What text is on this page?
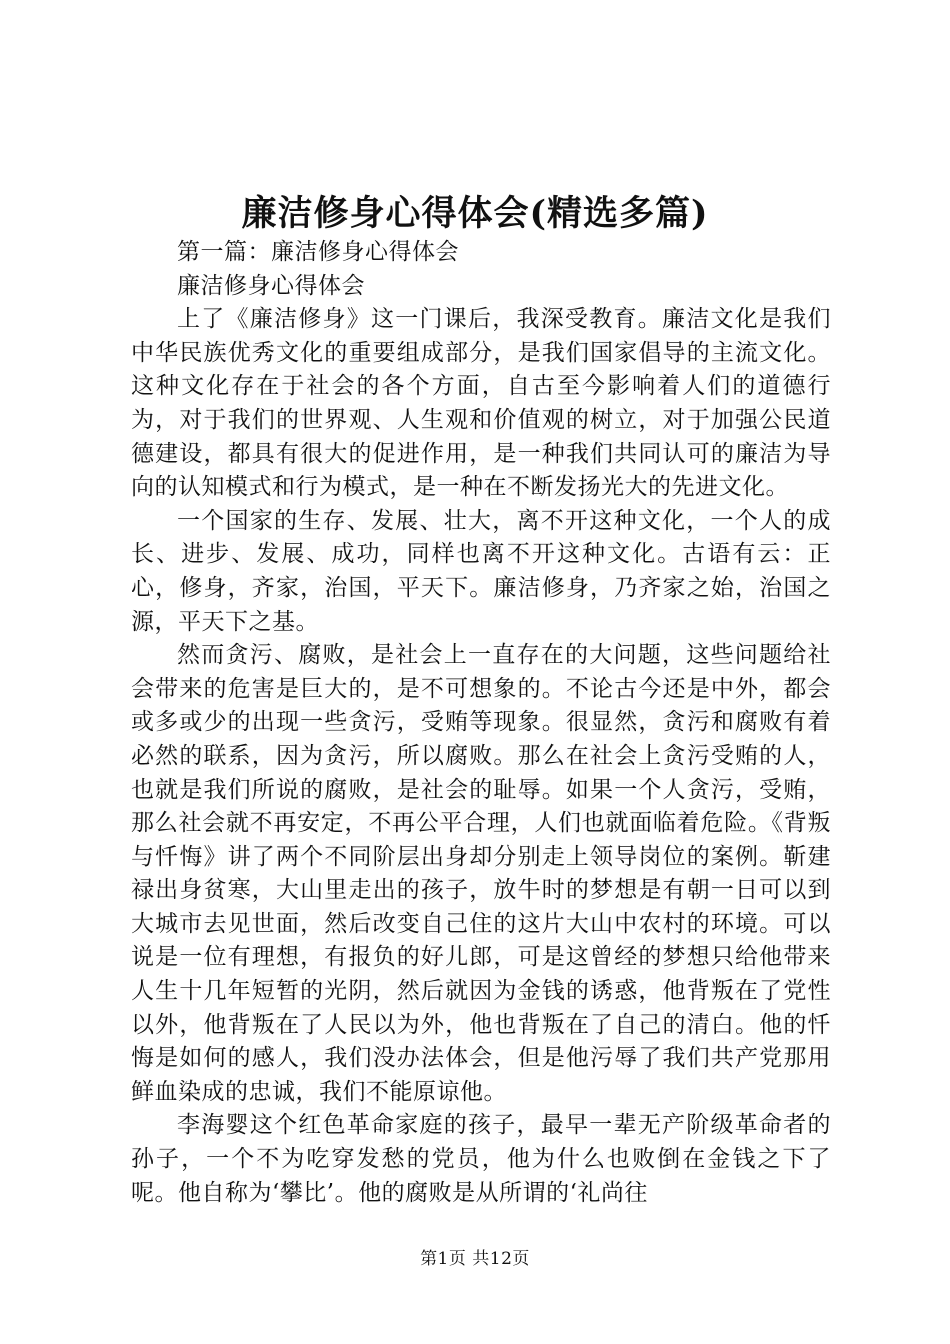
廉洁修身心得体会(精选多篇)

第一篇：廉洁修身心得体会

廉洁修身心得体会

上了《廉洁修身》这一门课后，我深受教育。廉洁文化是我们中华民族优秀文化的重要组成部分，是我们国家倡导的主流文化。这种文化存在于社会的各个方面，自古至今影响着人们的道德行为，对于我们的世界观、人生观和价值观的树立，对于加强公民道德建设，都具有很大的促进作用，是一种我们共同认可的廉洁为导向的认知模式和行为模式，是一种在不断发扬光大的先进文化。

一个国家的生存、发展、壮大，离不开这种文化，一个人的成长、进步、发展、成功，同样也离不开这种文化。古语有云：正心，修身，齐家，治国，平天下。廉洁修身，乃齐家之始，治国之源，平天下之基。

然而贪污、腐败，是社会上一直存在的大问题，这些问题给社会带来的危害是巨大的，是不可想象的。不论古今还是中外，都会或多或少的出现一些贪污，受贿等现象。很显然，贪污和腐败有着必然的联系，因为贪污，所以腐败。那么在社会上贪污受贿的人，也就是我们所说的腐败，是社会的耻辱。如果一个人贪污，受贿，那么社会就不再安定，不再公平合理，人们也就面临着危险。《背叛与忏悔》讲了两个不同阶层出身却分别走上领导岗位的案例。靳建禄出身贫寒，大山里走出的孩子，放牛时的梦想是有朝一日可以到大城市去见世面，然后改变自己住的这片大山中农村的环境。可以说是一位有理想，有报负的好儿郎，可是这曾经的梦想只给他带来人生十几年短暂的光阴，然后就因为金钱的诱惑，他背叛在了党性以外，他背叛在了人民以为外，他也背叛在了自己的清白。他的忏悔是如何的感人，我们没办法体会，但是他污辱了我们共产党那用鲜血染成的忠诚，我们不能原谅他。

李海婴这个红色革命家庭的孩子，最早一辈无产阶级革命者的孙子，一个不为吃穿发愁的党员，他为什么也败倒在金钱之下了呢。他自称为‘攀比’。他的腐败是从所谓的‘礼尚往

第1页 共12页
